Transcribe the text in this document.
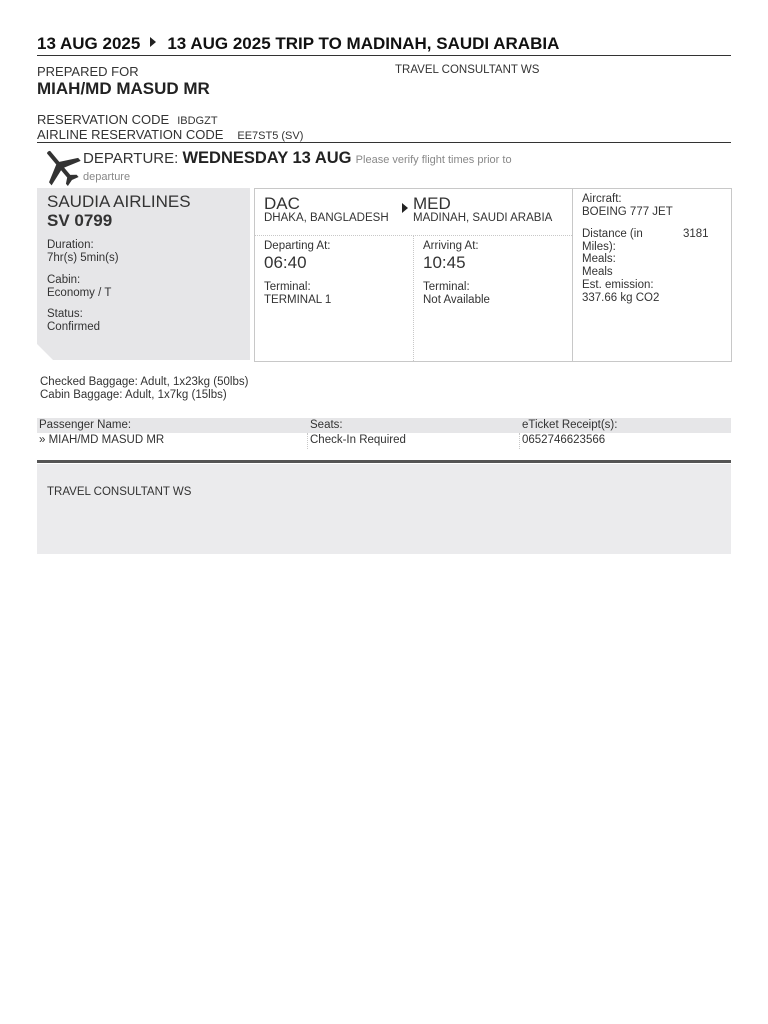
13 AUG 2025 13 AUG 2025 TRIP TO MADINAH, SAUDI ARABIA
PREPARED FOR
MIAH/MD MASUD MR
TRAVEL CONSULTANT WS
RESERVATION CODE IBDGZT
AIRLINE RESERVATION CODE EE7ST5 (SV)
DEPARTURE: WEDNESDAY 13 AUG Please verify flight times prior to departure
SAUDIA AIRLINES
SV 0799
Duration:
7hr(s) 5min(s)
Cabin:
Economy / T
Status:
Confirmed
DAC
DHAKA, BANGLADESH
MED
MADINAH, SAUDI ARABIA
Departing At:
06:40
Terminal:
TERMINAL 1
Arriving At:
10:45
Terminal:
Not Available
Aircraft:
BOEING 777 JET
Distance (in Miles):
3181
Meals:
Meals
Est. emission:
337.66 kg CO2
Checked Baggage: Adult, 1x23kg (50lbs)
Cabin Baggage: Adult, 1x7kg (15lbs)
Passenger Name:	Seats:	eTicket Receipt(s):
» MIAH/MD MASUD MR	Check-In Required	0652746623566
TRAVEL CONSULTANT WS
